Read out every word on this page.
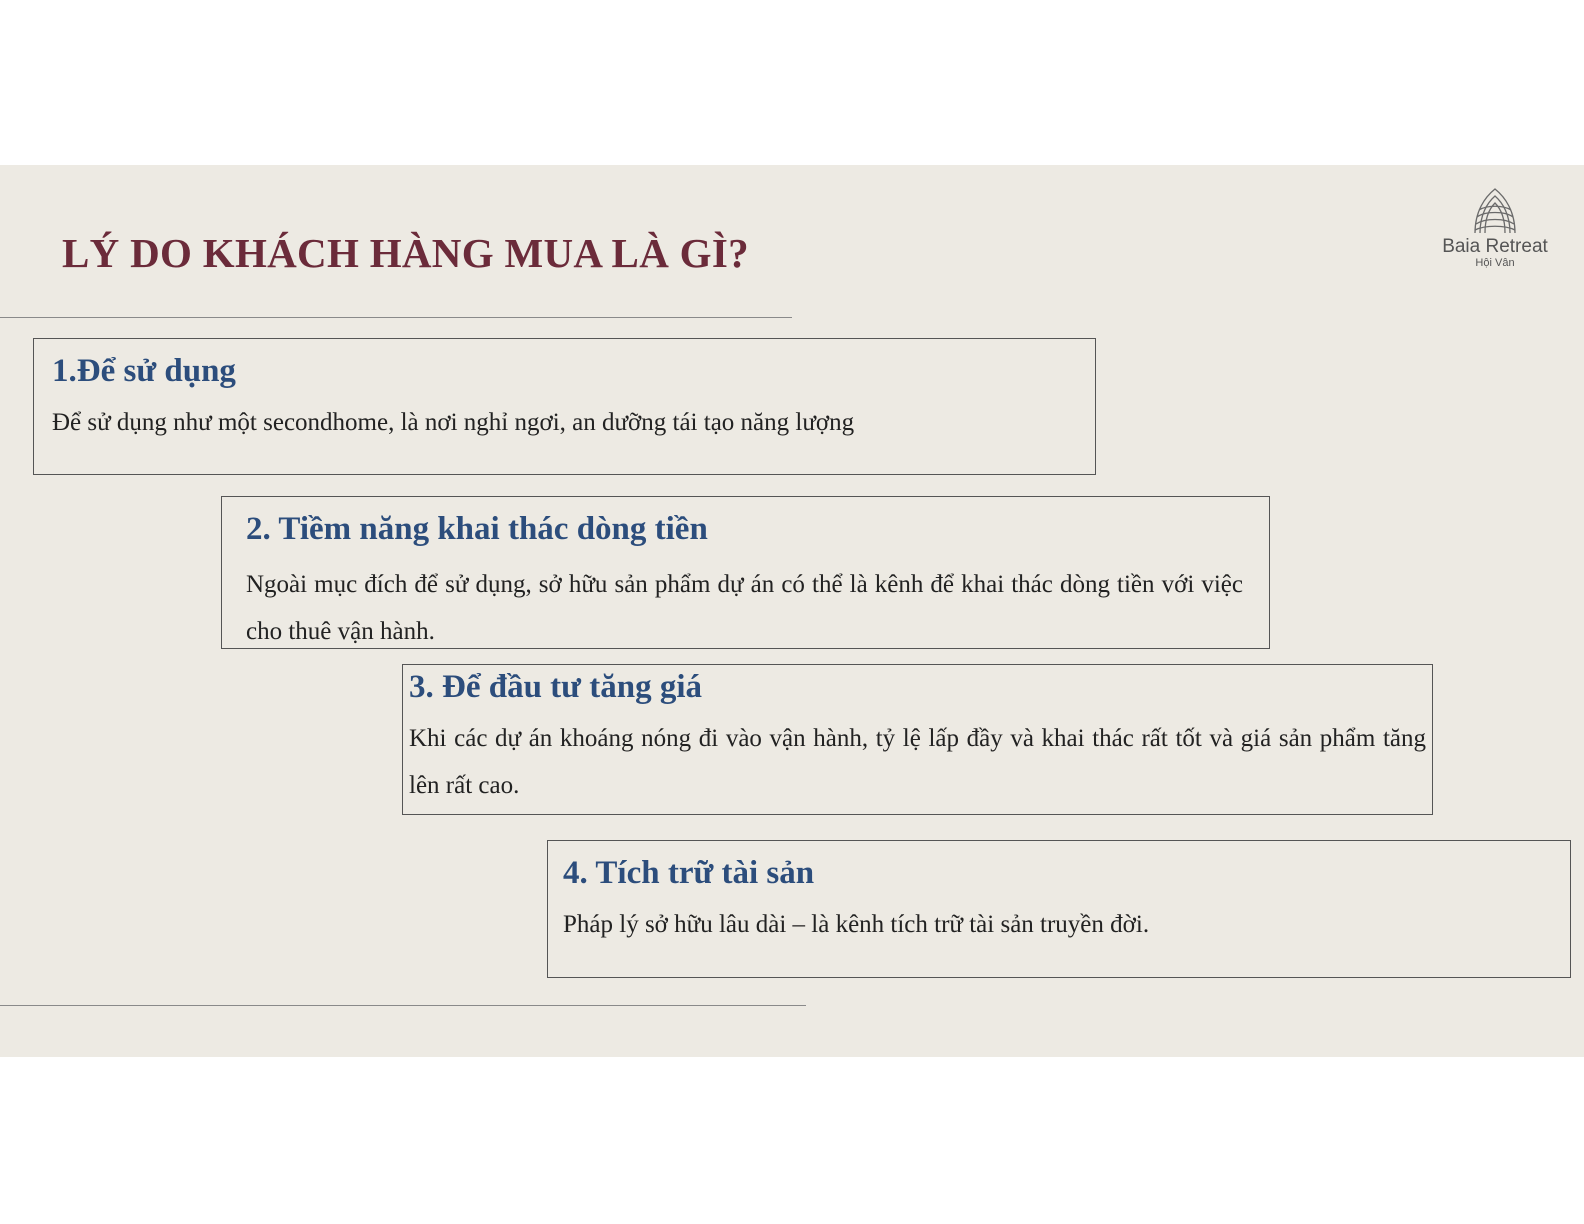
LÝ DO KHÁCH HÀNG MUA LÀ GÌ?	Baia Retreat
Hội Vân
1.Để sử dụng

Để sử dụng như một secondhome, là nơi nghỉ ngơi, an dưỡng tái tạo năng lượng

2. Tiềm năng khai thác dòng tiền

Ngoài mục đích để sử dụng, sở hữu sản phẩm dự án có thể là kênh để khai thác dòng tiền với việc cho thuê vận hành.

3. Để đầu tư tăng giá

Khi các dự án khoáng nóng đi vào vận hành, tỷ lệ lấp đầy và khai thác rất tốt và giá sản phẩm tăng lên rất cao.

4. Tích trữ tài sản

Pháp lý sở hữu lâu dài – là kênh tích trữ tài sản truyền đời.
